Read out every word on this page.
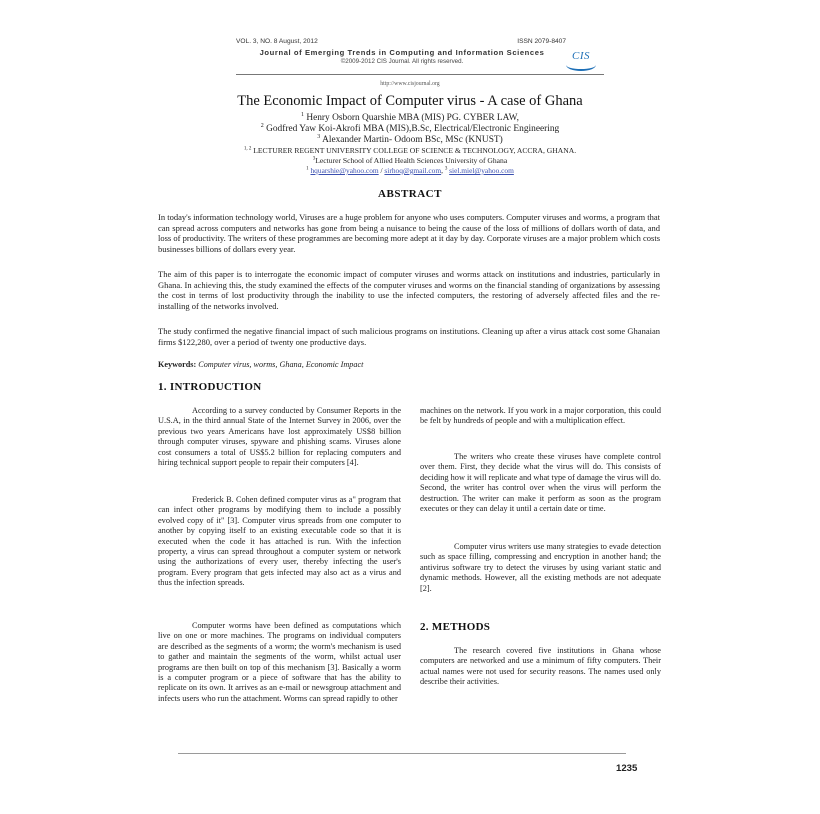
VOL. 3, NO. 8 August, 2012	ISSN 2079-8407
Journal of Emerging Trends in Computing and Information Sciences
©2009-2012 CIS Journal. All rights reserved.	CIS
http://www.cisjournal.org
The Economic Impact of Computer virus - A case of Ghana
$^1$ Henry Osborn Quarshie MBA (MIS) PG. CYBER LAW,
$^2$ Godfred Yaw Koi-Akrofi MBA (MIS),B.Sc, Electrical/Electronic Engineering
$^3$ Alexander Martin- Odoom BSc, MSc (KNUST)
$^{1, 2}$ LECTURER REGENT UNIVERSITY COLLEGE OF SCIENCE & TECHNOLOGY, ACCRA, GHANA.
$^3$Lecturer School of Allied Health Sciences University of Ghana
$^1$ hquarshie@yahoo.com / sirhoq@gmail.com, $^3$ siel.miel@yahoo.com
ABSTRACT
In today's information technology world, Viruses are a huge problem for anyone who uses computers. Computer viruses and worms, a program that can spread across computers and networks has gone from being a nuisance to being the cause of the loss of millions of dollars worth of data, and loss of productivity. The writers of these programmes are becoming more adept at it day by day. Corporate viruses are a major problem which costs businesses billions of dollars every year.
The aim of this paper is to interrogate the economic impact of computer viruses and worms attack on institutions and industries, particularly in Ghana. In achieving this, the study examined the effects of the computer viruses and worms on the financial standing of organizations by assessing the cost in terms of lost productivity through the inability to use the infected computers, the restoring of adversely affected files and the re-installing of the networks involved.
The study confirmed the negative financial impact of such malicious programs on institutions. Cleaning up after a virus attack cost some Ghanaian firms $122,280, over a period of twenty one productive days.
Keywords: Computer virus, worms, Ghana, Economic Impact
1. INTRODUCTION
According to a survey conducted by Consumer Reports in the U.S.A, in the third annual State of the Internet Survey in 2006, over the previous two years Americans have lost approximately US$8 billion through computer viruses, spyware and phishing scams. Viruses alone cost consumers a total of US$5.2 billion for replacing computers and hiring technical support people to repair their computers [4].
Frederick B. Cohen defined computer virus as a" program that can infect other programs by modifying them to include a possibly evolved copy of it" [3]. Computer virus spreads from one computer to another by copying itself to an existing executable code so that it is executed when the code it has attached is run. With the infection property, a virus can spread throughout a computer system or network using the authorizations of every user, thereby infecting the user's program. Every program that gets infected may also act as a virus and thus the infection spreads.
Computer worms have been defined as computations which live on one or more machines. The programs on individual computers are described as the segments of a worm; the worm's mechanism is used to gather and maintain the segments of the worm, whilst actual user programs are then built on top of this mechanism [3]. Basically a worm is a computer program or a piece of software that has the ability to replicate on its own. It arrives as an e-mail or newsgroup attachment and infects users who run the attachment. Worms can spread rapidly to other
machines on the network. If you work in a major corporation, this could be felt by hundreds of people and with a multiplication effect.
The writers who create these viruses have complete control over them. First, they decide what the virus will do. This consists of deciding how it will replicate and what type of damage the virus will do. Second, the writer has control over when the virus will perform the destruction. The writer can make it perform as soon as the program executes or they can delay it until a certain date or time.
Computer virus writers use many strategies to evade detection such as space filling, compressing and encryption in another hand; the antivirus software try to detect the viruses by using variant static and dynamic methods. However, all the existing methods are not adequate [2].
2. METHODS
The research covered five institutions in Ghana whose computers are networked and use a minimum of fifty computers. Their actual names were not used for security reasons. The names used only describe their activities.
1235
